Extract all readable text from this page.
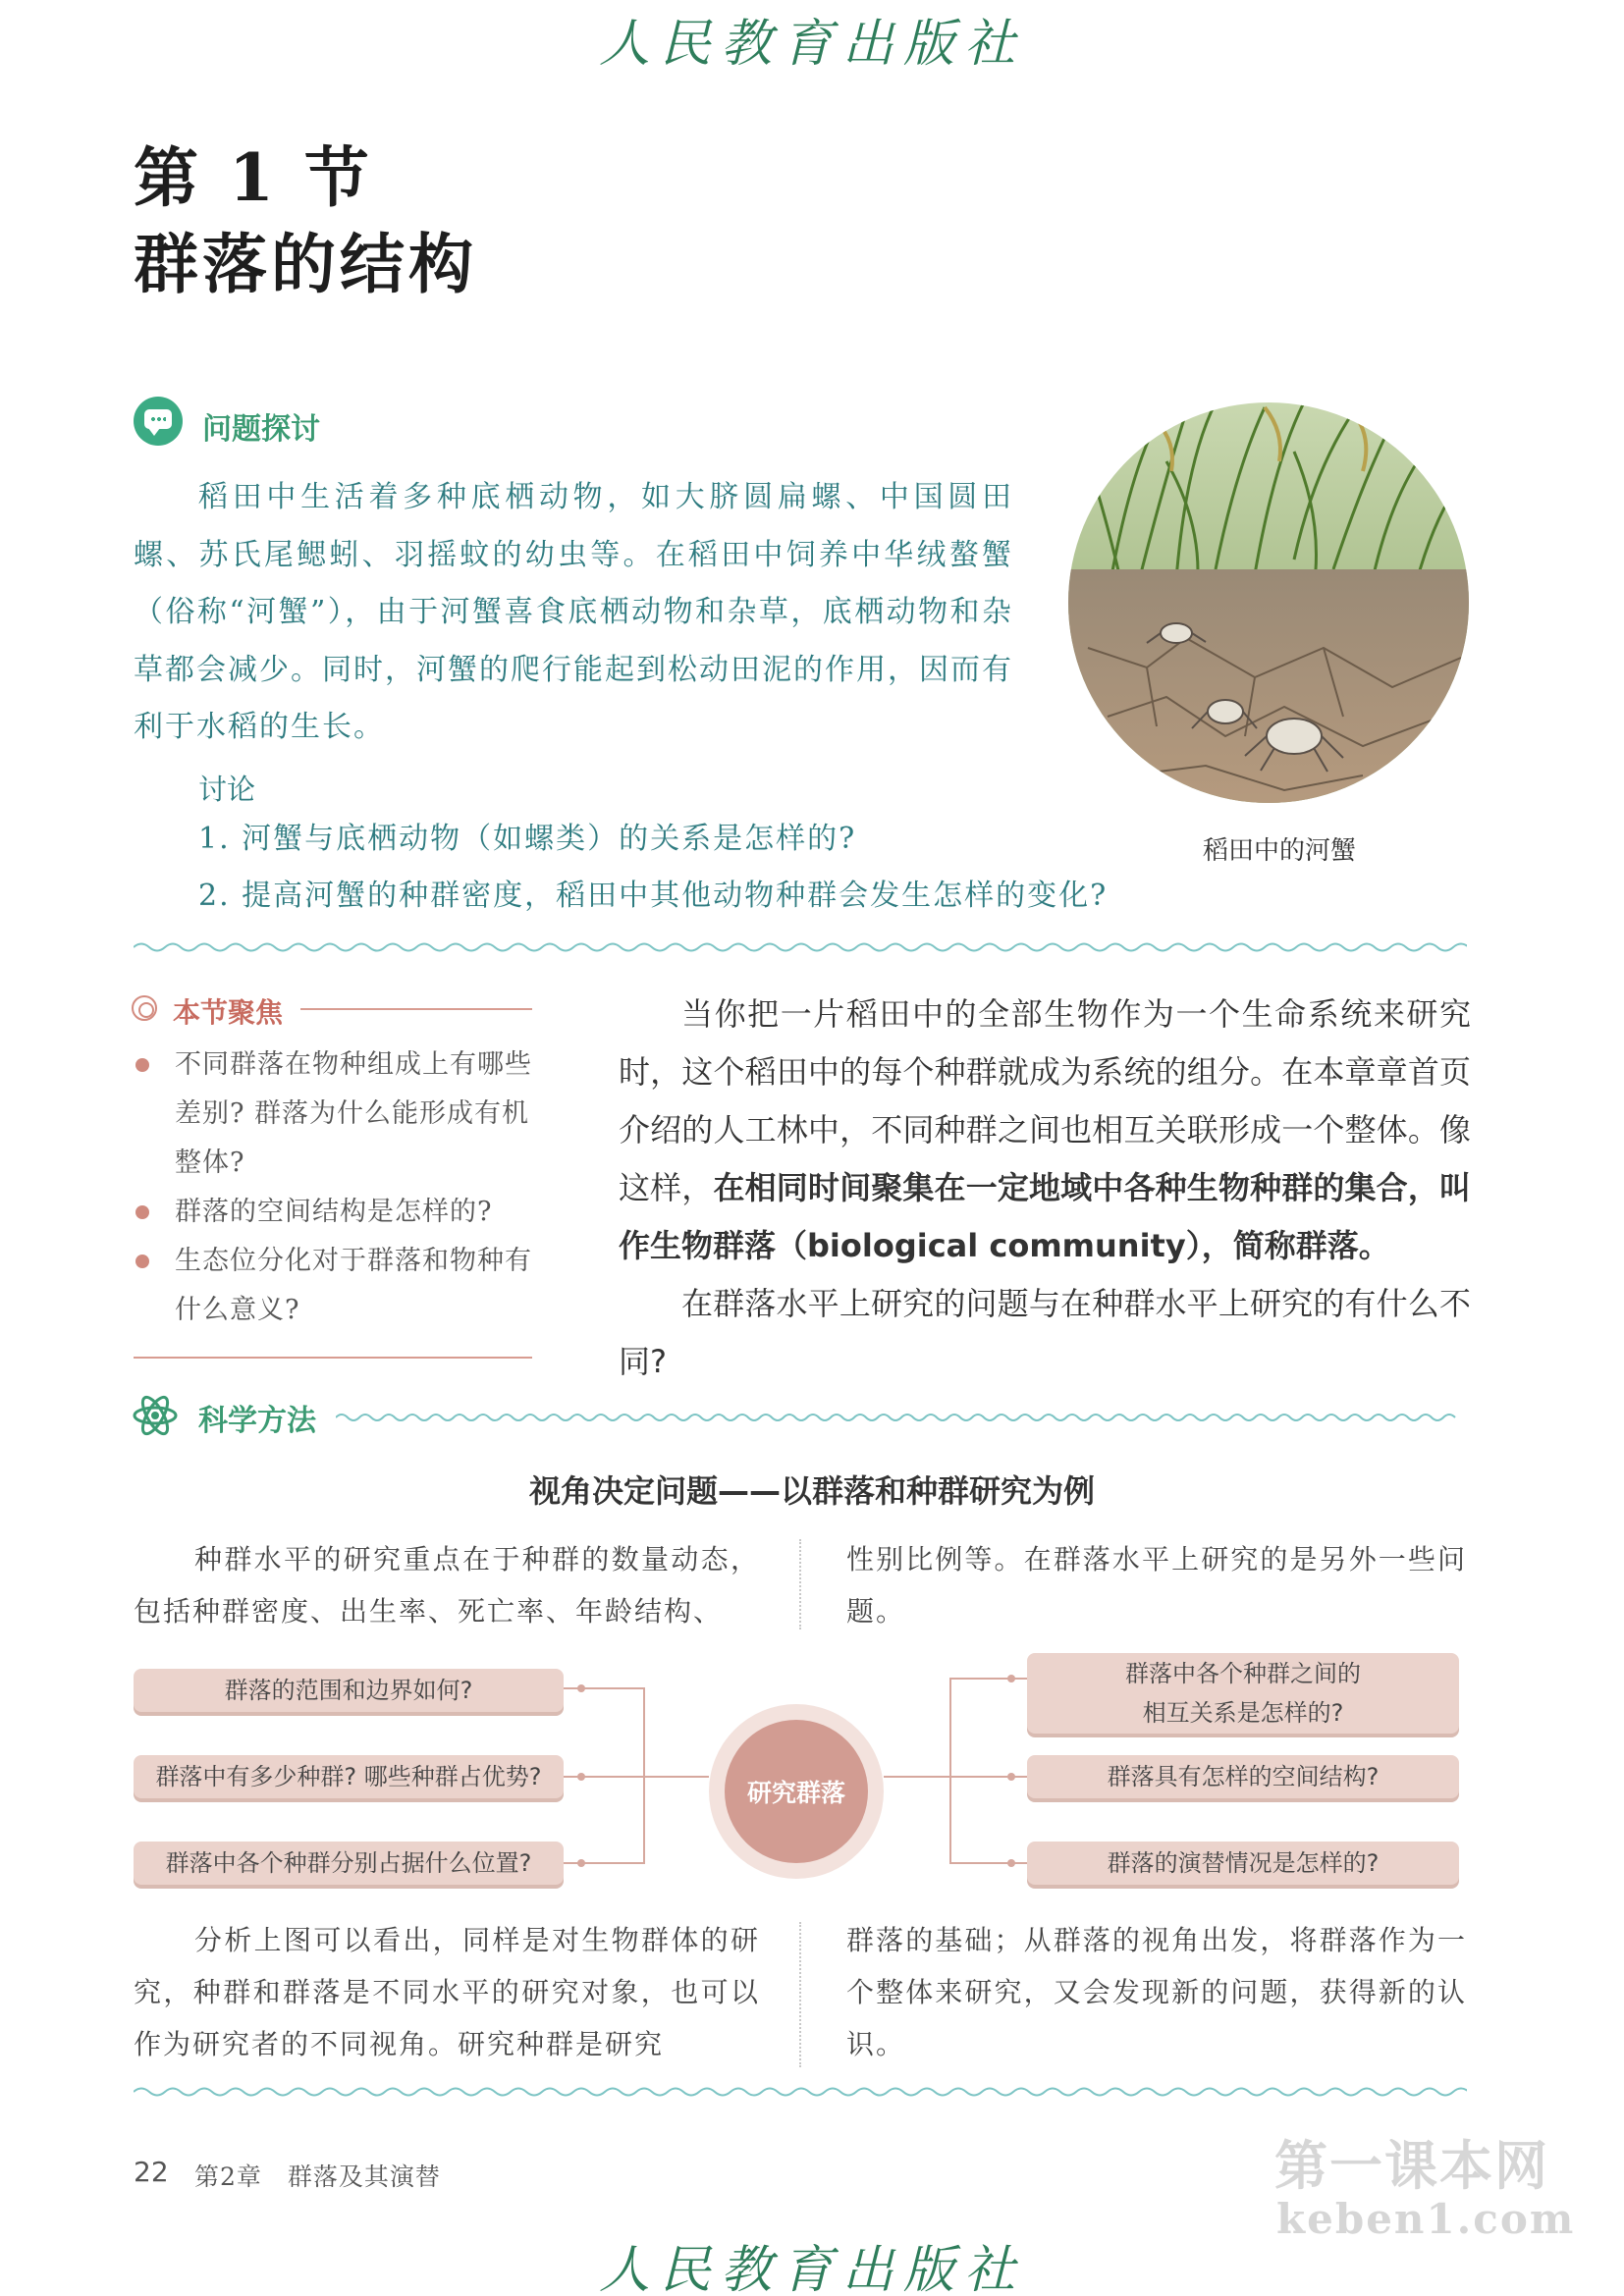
人民教育出版社
第 1 节
群落的结构
问题探讨
稻田中生活着多种底栖动物，如大脐圆扁螺、中国圆田螺、苏氏尾鳃蚓、羽摇蚊的幼虫等。在稻田中饲养中华绒螯蟹（俗称“河蟹”），由于河蟹喜食底栖动物和杂草，底栖动物和杂草都会减少。同时，河蟹的爬行能起到松动田泥的作用，因而有利于水稻的生长。
讨论
1. 河蟹与底栖动物（如螺类）的关系是怎样的?
2. 提高河蟹的种群密度，稻田中其他动物种群会发生怎样的变化?
稻田中的河蟹
本节聚焦
不同群落在物种组成上有哪些差别? 群落为什么能形成有机整体?
群落的空间结构是怎样的?
生态位分化对于群落和物种有什么意义?

当你把一片稻田中的全部生物作为一个生命系统来研究时，这个稻田中的每个种群就成为系统的组分。在本章章首页介绍的人工林中，不同种群之间也相互关联形成一个整体。像这样，在相同时间聚集在一定地域中各种生物种群的集合，叫作生物群落（biological community），简称群落。

在群落水平上研究的问题与在种群水平上研究的有什么不同?

科学方法
视角决定问题——以群落和种群研究为例
种群水平的研究重点在于种群的数量动态，包括种群密度、出生率、死亡率、年龄结构、
性别比例等。在群落水平上研究的是另外一些问题。
群落的范围和边界如何?
群落中有多少种群? 哪些种群占优势?
群落中各个种群分别占据什么位置?
研究群落
群落中各个种群之间的
相互关系是怎样的?
群落具有怎样的空间结构?
群落的演替情况是怎样的?
分析上图可以看出，同样是对生物群体的研究，种群和群落是不同水平的研究对象，也可以作为研究者的不同视角。研究种群是研究
群落的基础；从群落的视角出发，将群落作为一个整体来研究，又会发现新的问题，获得新的认识。
22 第2章　群落及其演替	第一课本网
keben1.com
人民教育出版社
